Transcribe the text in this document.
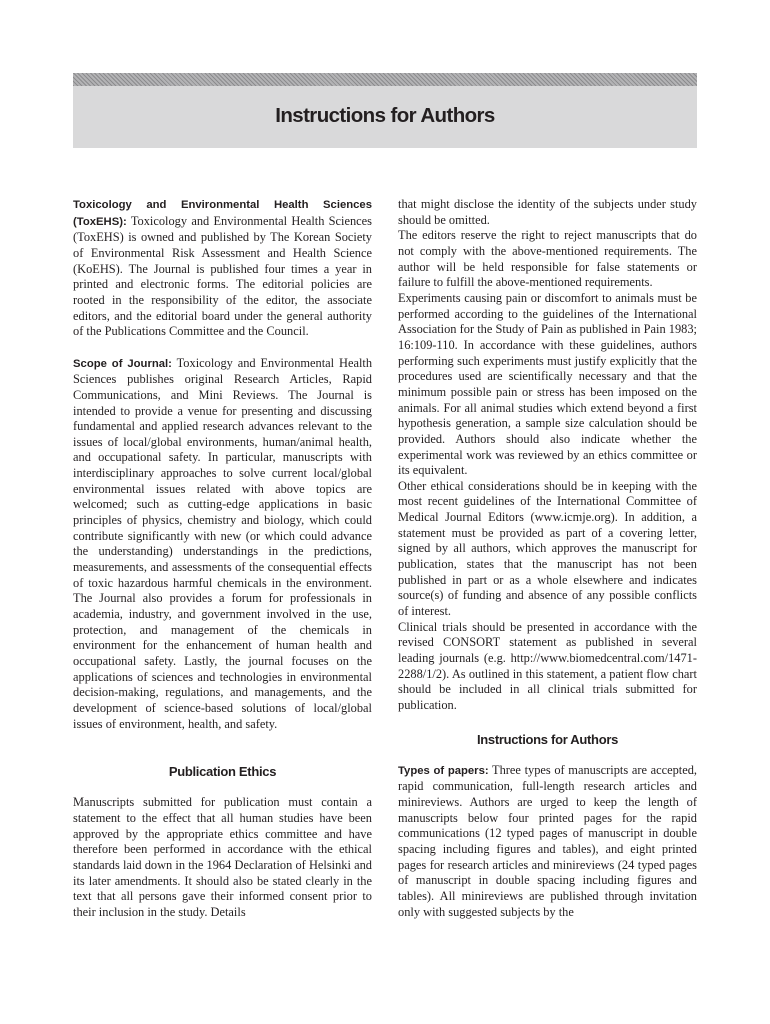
Instructions for Authors

Toxicology and Environmental Health Sciences (ToxEHS): Toxicology and Environmental Health Sciences (ToxEHS) is owned and published by The Korean Society of Environmental Risk Assessment and Health Science (KoEHS). The Journal is published four times a year in printed and electronic forms. The editorial policies are rooted in the responsibility of the editor, the associate editors, and the editorial board under the general authority of the Publications Committee and the Council.

Scope of Journal: Toxicology and Environmental Health Sciences publishes original Research Articles, Rapid Communications, and Mini Reviews. The Journal is intended to provide a venue for presenting and discussing fundamental and applied research advances relevant to the issues of local/global environments, human/animal health, and occupational safety. In particular, manuscripts with interdisciplinary approaches to solve current local/global environmental issues related with above topics are welcomed; such as cutting-edge applications in basic principles of physics, chemistry and biology, which could contribute significantly with new (or which could advance the understanding) understandings in the predictions, measurements, and assessments of the consequential effects of toxic hazardous harmful chemicals in the environment. The Journal also provides a forum for professionals in academia, industry, and government involved in the use, protection, and management of the chemicals in environment for the enhancement of human health and occupational safety. Lastly, the journal focuses on the applications of sciences and technologies in environmental decision-making, regulations, and managements, and the development of science-based solutions of local/global issues of environment, health, and safety.

Publication Ethics

Manuscripts submitted for publication must contain a statement to the effect that all human studies have been approved by the appropriate ethics committee and have therefore been performed in accordance with the ethical standards laid down in the 1964 Declaration of Helsinki and its later amendments. It should also be stated clearly in the text that all persons gave their informed consent prior to their inclusion in the study. Details

that might disclose the identity of the subjects under study should be omitted.

The editors reserve the right to reject manuscripts that do not comply with the above-mentioned requirements. The author will be held responsible for false statements or failure to fulfill the above-mentioned requirements.

Experiments causing pain or discomfort to animals must be performed according to the guidelines of the International Association for the Study of Pain as published in Pain 1983; 16:109-110. In accordance with these guidelines, authors performing such experiments must justify explicitly that the procedures used are scientifically necessary and that the minimum possible pain or stress has been imposed on the animals. For all animal studies which extend beyond a first hypothesis generation, a sample size calculation should be provided. Authors should also indicate whether the experimental work was reviewed by an ethics committee or its equivalent.

Other ethical considerations should be in keeping with the most recent guidelines of the International Committee of Medical Journal Editors (www.icmje.org). In addition, a statement must be provided as part of a covering letter, signed by all authors, which approves the manuscript for publication, states that the manuscript has not been published in part or as a whole elsewhere and indicates source(s) of funding and absence of any possible conflicts of interest.

Clinical trials should be presented in accordance with the revised CONSORT statement as published in several leading journals (e.g. http://www.biomedcentral.com/1471-2288/1/2). As outlined in this statement, a patient flow chart should be included in all clinical trials submitted for publication.

Instructions for Authors

Types of papers: Three types of manuscripts are accepted, rapid communication, full-length research articles and minireviews. Authors are urged to keep the length of manuscripts below four printed pages for the rapid communications (12 typed pages of manuscript in double spacing including figures and tables), and eight printed pages for research articles and minireviews (24 typed pages of manuscript in double spacing including figures and tables). All minireviews are published through invitation only with suggested subjects by the
